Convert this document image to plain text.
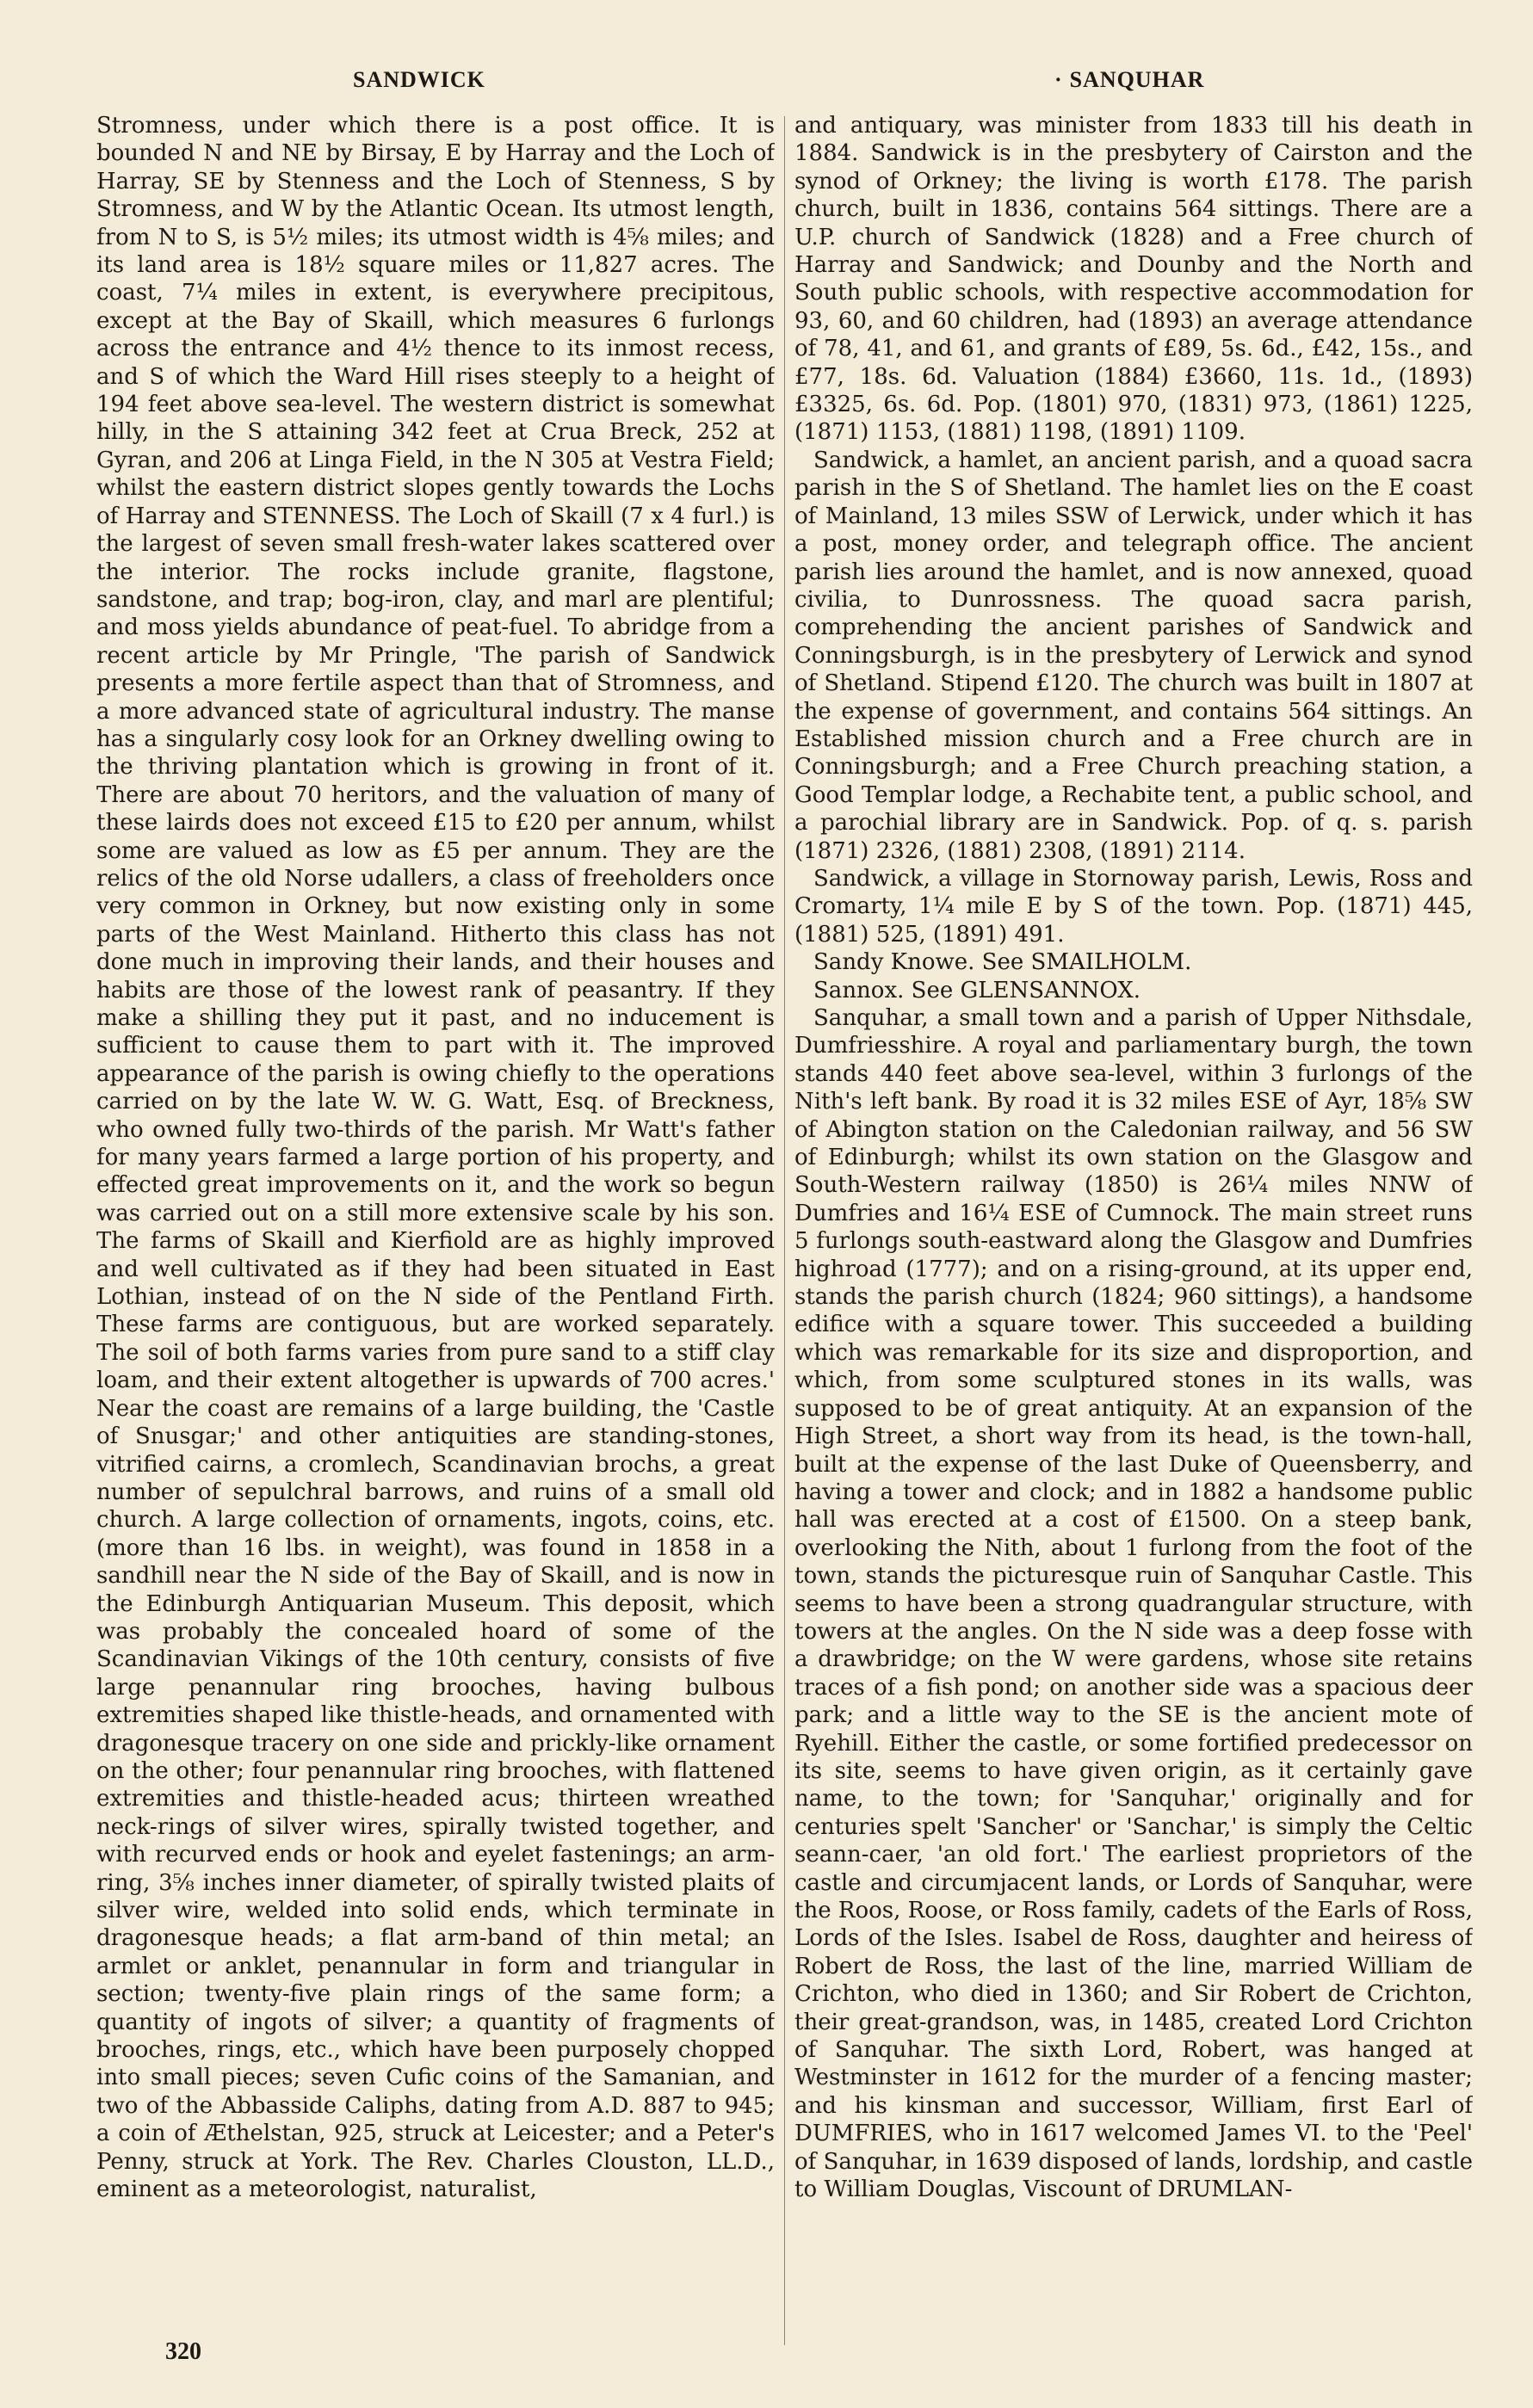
SANDWICK	· SANQUHAR

Stromness, under which there is a post office. It is bounded N and NE by Birsay, E by Harray and the Loch of Harray, SE by Stenness and the Loch of Stenness, S by Stromness, and W by the Atlantic Ocean. Its utmost length, from N to S, is 5½ miles; its utmost width is 4⅝ miles; and its land area is 18½ square miles or 11,827 acres. The coast, 7¼ miles in extent, is everywhere precipitous, except at the Bay of Skaill, which measures 6 furlongs across the entrance and 4½ thence to its inmost recess, and S of which the Ward Hill rises steeply to a height of 194 feet above sea-level. The western district is somewhat hilly, in the S attaining 342 feet at Crua Breck, 252 at Gyran, and 206 at Linga Field, in the N 305 at Vestra Field; whilst the eastern district slopes gently towards the Lochs of Harray and STENNESS. The Loch of Skaill (7 x 4 furl.) is the largest of seven small fresh-water lakes scattered over the interior. The rocks include granite, flagstone, sandstone, and trap; bog-iron, clay, and marl are plentiful; and moss yields abundance of peat-fuel. To abridge from a recent article by Mr Pringle, 'The parish of Sandwick presents a more fertile aspect than that of Stromness, and a more advanced state of agricultural industry. The manse has a singularly cosy look for an Orkney dwelling owing to the thriving plantation which is growing in front of it. There are about 70 heritors, and the valuation of many of these lairds does not exceed £15 to £20 per annum, whilst some are valued as low as £5 per annum. They are the relics of the old Norse udallers, a class of freeholders once very common in Orkney, but now existing only in some parts of the West Mainland. Hitherto this class has not done much in improving their lands, and their houses and habits are those of the lowest rank of peasantry. If they make a shilling they put it past, and no inducement is sufficient to cause them to part with it. The improved appearance of the parish is owing chiefly to the operations carried on by the late W. W. G. Watt, Esq. of Breckness, who owned fully two-thirds of the parish. Mr Watt's father for many years farmed a large portion of his property, and effected great improvements on it, and the work so begun was carried out on a still more extensive scale by his son. The farms of Skaill and Kierfiold are as highly improved and well cultivated as if they had been situated in East Lothian, instead of on the N side of the Pentland Firth. These farms are contiguous, but are worked separately. The soil of both farms varies from pure sand to a stiff clay loam, and their extent altogether is upwards of 700 acres.' Near the coast are remains of a large building, the 'Castle of Snusgar;' and other antiquities are standing-stones, vitrified cairns, a cromlech, Scandinavian brochs, a great number of sepulchral barrows, and ruins of a small old church. A large collection of ornaments, ingots, coins, etc. (more than 16 lbs. in weight), was found in 1858 in a sandhill near the N side of the Bay of Skaill, and is now in the Edinburgh Antiquarian Museum. This deposit, which was probably the concealed hoard of some of the Scandinavian Vikings of the 10th century, consists of five large penannular ring brooches, having bulbous extremities shaped like thistle-heads, and ornamented with dragonesque tracery on one side and prickly-like ornament on the other; four penannular ring brooches, with flattened extremities and thistle-headed acus; thirteen wreathed neck-rings of silver wires, spirally twisted together, and with recurved ends or hook and eyelet fastenings; an arm-ring, 3⅝ inches inner diameter, of spirally twisted plaits of silver wire, welded into solid ends, which terminate in dragonesque heads; a flat arm-band of thin metal; an armlet or anklet, penannular in form and triangular in section; twenty-five plain rings of the same form; a quantity of ingots of silver; a quantity of fragments of brooches, rings, etc., which have been purposely chopped into small pieces; seven Cufic coins of the Samanian, and two of the Abbasside Caliphs, dating from A.D. 887 to 945; a coin of Æthelstan, 925, struck at Leicester; and a Peter's Penny, struck at York. The Rev. Charles Clouston, LL.D., eminent as a meteorologist, naturalist,

and antiquary, was minister from 1833 till his death in 1884. Sandwick is in the presbytery of Cairston and the synod of Orkney; the living is worth £178. The parish church, built in 1836, contains 564 sittings. There are a U.P. church of Sandwick (1828) and a Free church of Harray and Sandwick; and Dounby and the North and South public schools, with respective accommodation for 93, 60, and 60 children, had (1893) an average attendance of 78, 41, and 61, and grants of £89, 5s. 6d., £42, 15s., and £77, 18s. 6d. Valuation (1884) £3660, 11s. 1d., (1893) £3325, 6s. 6d. Pop. (1801) 970, (1831) 973, (1861) 1225, (1871) 1153, (1881) 1198, (1891) 1109.

Sandwick, a hamlet, an ancient parish, and a quoad sacra parish in the S of Shetland. The hamlet lies on the E coast of Mainland, 13 miles SSW of Lerwick, under which it has a post, money order, and telegraph office. The ancient parish lies around the hamlet, and is now annexed, quoad civilia, to Dunrossness. The quoad sacra parish, comprehending the ancient parishes of Sandwick and Conningsburgh, is in the presbytery of Lerwick and synod of Shetland. Stipend £120. The church was built in 1807 at the expense of government, and contains 564 sittings. An Established mission church and a Free church are in Conningsburgh; and a Free Church preaching station, a Good Templar lodge, a Rechabite tent, a public school, and a parochial library are in Sandwick. Pop. of q. s. parish (1871) 2326, (1881) 2308, (1891) 2114.

Sandwick, a village in Stornoway parish, Lewis, Ross and Cromarty, 1¼ mile E by S of the town. Pop. (1871) 445, (1881) 525, (1891) 491.

Sandy Knowe. See SMAILHOLM.

Sannox. See GLENSANNOX.

Sanquhar, a small town and a parish of Upper Nithsdale, Dumfriesshire. A royal and parliamentary burgh, the town stands 440 feet above sea-level, within 3 furlongs of the Nith's left bank. By road it is 32 miles ESE of Ayr, 18⅝ SW of Abington station on the Caledonian railway, and 56 SW of Edinburgh; whilst its own station on the Glasgow and South-Western railway (1850) is 26¼ miles NNW of Dumfries and 16¼ ESE of Cumnock. The main street runs 5 furlongs south-eastward along the Glasgow and Dumfries highroad (1777); and on a rising-ground, at its upper end, stands the parish church (1824; 960 sittings), a handsome edifice with a square tower. This succeeded a building which was remarkable for its size and disproportion, and which, from some sculptured stones in its walls, was supposed to be of great antiquity. At an expansion of the High Street, a short way from its head, is the town-hall, built at the expense of the last Duke of Queensberry, and having a tower and clock; and in 1882 a handsome public hall was erected at a cost of £1500. On a steep bank, overlooking the Nith, about 1 furlong from the foot of the town, stands the picturesque ruin of Sanquhar Castle. This seems to have been a strong quadrangular structure, with towers at the angles. On the N side was a deep fosse with a drawbridge; on the W were gardens, whose site retains traces of a fish pond; on another side was a spacious deer park; and a little way to the SE is the ancient mote of Ryehill. Either the castle, or some fortified predecessor on its site, seems to have given origin, as it certainly gave name, to the town; for 'Sanquhar,' originally and for centuries spelt 'Sancher' or 'Sanchar,' is simply the Celtic seann-caer, 'an old fort.' The earliest proprietors of the castle and circumjacent lands, or Lords of Sanquhar, were the Roos, Roose, or Ross family, cadets of the Earls of Ross, Lords of the Isles. Isabel de Ross, daughter and heiress of Robert de Ross, the last of the line, married William de Crichton, who died in 1360; and Sir Robert de Crichton, their great-grandson, was, in 1485, created Lord Crichton of Sanquhar. The sixth Lord, Robert, was hanged at Westminster in 1612 for the murder of a fencing master; and his kinsman and successor, William, first Earl of DUMFRIES, who in 1617 welcomed James VI. to the 'Peel' of Sanquhar, in 1639 disposed of lands, lordship, and castle to William Douglas, Viscount of DRUMLAN-

320
